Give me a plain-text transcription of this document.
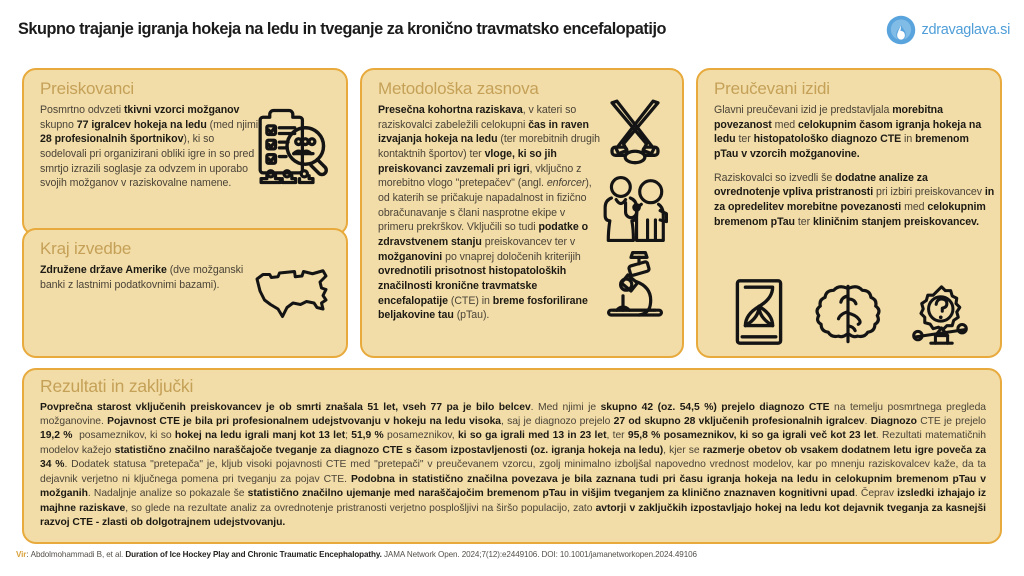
Skupno trajanje igranja hokeja na ledu in tveganje za kronično travmatsko encefalopatijo	zdravaglava.si
Preiskovanci
Posmrtno odvzeti tkivni vzorci možganov skupno 77 igralcev hokeja na ledu (med njimi 28 profesionalnih športnikov), ki so sodelovali pri organizirani obliki igre in so pred smrtjo izrazili soglasje za odvzem in uporabo svojih možganov v raziskovalne namene.
Kraj izvedbe
Združene države Amerike (dve možganski banki z lastnimi podatkovnimi bazami).
Metodološka zasnova
Presečna kohortna raziskava, v kateri so raziskovalci zabeležili celokupni čas in raven izvajanja hokeja na ledu (ter morebitnih drugih kontaktnih športov) ter vloge, ki so jih preiskovanci zavzemali pri igri, vključno z morebitno vlogo "pretepačev" (angl. enforcer), od katerih se pričakuje napadalnost in fizično obračunavanje s člani nasprotne ekipe v primeru prekrškov. Vključili so tudi podatke o zdravstvenem stanju preiskovancev ter v možganovini po vnaprej določenih kriterijih ovrednotili prisotnost histopatoloških značilnosti kronične travmatske encefalopatije (CTE) in breme fosforilirane beljakovine tau (pTau).
Preučevani izidi

Glavni preučevani izid je predstavljala morebitna povezanost med celokupnim časom igranja hokeja na ledu ter histopatološko diagnozo CTE in bremenom pTau v vzorcih možganovine.

Raziskovalci so izvedli še dodatne analize za ovrednotenje vpliva pristranosti pri izbiri preiskovancev in za opredelitev morebitne povezanosti med celokupnim bremenom pTau ter kliničnim stanjem preiskovancev.

Rezultati in zaključki
Povprečna starost vključenih preiskovancev je ob smrti znašala 51 let, vseh 77 pa je bilo belcev. Med njimi je skupno 42 (oz. 54,5 %) prejelo diagnozo CTE na temelju posmrtnega pregleda možganovine. Pojavnost CTE je bila pri profesionalnem udejstvovanju v hokeju na ledu visoka, saj je diagnozo prejelo 27 od skupno 28 vključenih profesionalnih igralcev. Diagnozo CTE je prejelo 19,2 %  posameznikov, ki so hokej na ledu igrali manj kot 13 let; 51,9 % posameznikov, ki so ga igrali med 13 in 23 let, ter 95,8 % posameznikov, ki so ga igrali več kot 23 let. Rezultati matematičnih modelov kažejo statistično značilno naraščajoče tveganje za diagnozo CTE s časom izpostavljenosti (oz. igranja hokeja na ledu), kjer se razmerje obetov ob vsakem dodatnem letu igre poveča za 34 %. Dodatek statusa "pretepača" je, kljub visoki pojavnosti CTE med "pretepači" v preučevanem vzorcu, zgolj minimalno izboljšal napovedno vrednost modelov, kar po mnenju raziskovalcev kaže, da ta dejavnik verjetno ni ključnega pomena pri tveganju za pojav CTE. Podobna in statistično značilna povezava je bila zaznana tudi pri času igranja hokeja na ledu in celokupnim bremenom pTau v možganih. Nadaljnje analize so pokazale še statistično značilno ujemanje med naraščajočim bremenom pTau in višjim tveganjem za klinično znaznaven kognitivni upad. Čeprav izsledki izhajajo iz majhne raziskave, so glede na rezultate analiz za ovrednotenje pristranosti verjetno posplošljivi na širšo populacijo, zato avtorji v zaključkih izpostavljajo hokej na ledu kot dejavnik tveganja za kasnejši razvoj CTE - zlasti ob dolgotrajnem udejstvovanju.
Vir: Abdolmohammadi B, et al. Duration of Ice Hockey Play and Chronic Traumatic Encephalopathy. JAMA Network Open. 2024;7(12):e2449106. DOI: 10.1001/jamanetworkopen.2024.49106
